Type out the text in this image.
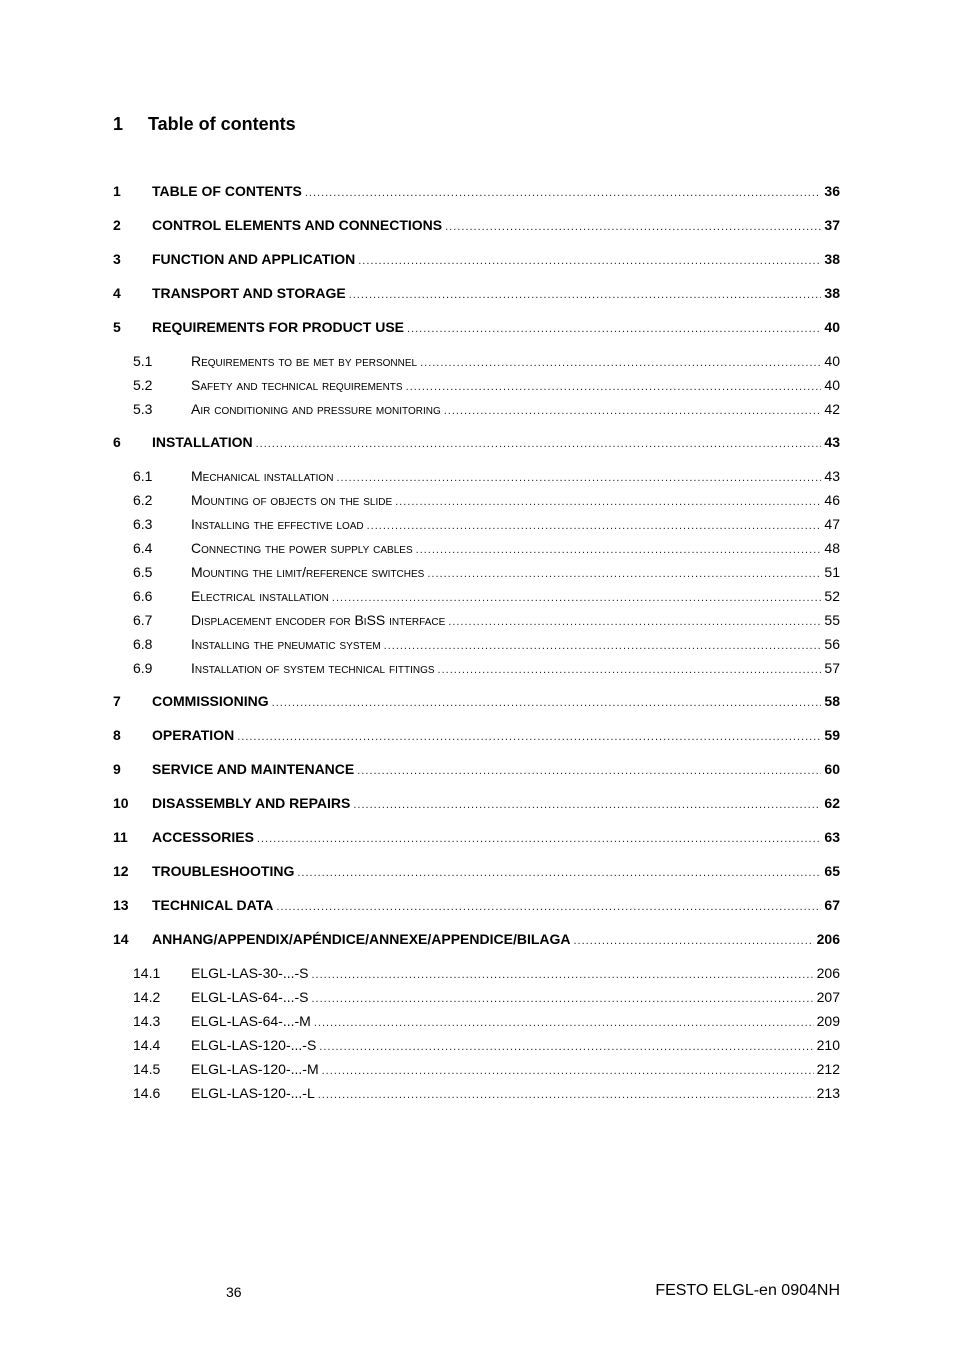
1 Table of contents
1	TABLE OF CONTENTS .....	36
2	CONTROL ELEMENTS AND CONNECTIONS .....	37
3	FUNCTION AND APPLICATION .....	38
4	TRANSPORT AND STORAGE .....	38
5	REQUIREMENTS FOR PRODUCT USE .....	40
5.1	Requirements to be met by personnel .....	40
5.2	Safety and technical requirements .....	40
5.3	Air conditioning and pressure monitoring .....	42
6	INSTALLATION .....	43
6.1	Mechanical installation .....	43
6.2	Mounting of objects on the slide .....	46
6.3	Installing the effective load .....	47
6.4	Connecting the power supply cables .....	48
6.5	Mounting the limit/reference switches .....	51
6.6	Electrical installation .....	52
6.7	Displacement encoder for BiSS interface .....	55
6.8	Installing the pneumatic system .....	56
6.9	Installation of system technical fittings .....	57
7	COMMISSIONING .....	58
8	OPERATION .....	59
9	SERVICE AND MAINTENANCE .....	60
10	DISASSEMBLY AND REPAIRS .....	62
11	ACCESSORIES .....	63
12	TROUBLESHOOTING .....	65
13	TECHNICAL DATA .....	67
14	ANHANG/APPENDIX/APÉNDICE/ANNEXE/APPENDICE/BILAGA .....	206
14.1	ELGL-LAS-30-...-S .....	206
14.2	ELGL-LAS-64-...-S .....	207
14.3	ELGL-LAS-64-...-M .....	209
14.4	ELGL-LAS-120-...-S .....	210
14.5	ELGL-LAS-120-...-M .....	212
14.6	ELGL-LAS-120-...-L .....	213
36	FESTO ELGL-en 0904NH
